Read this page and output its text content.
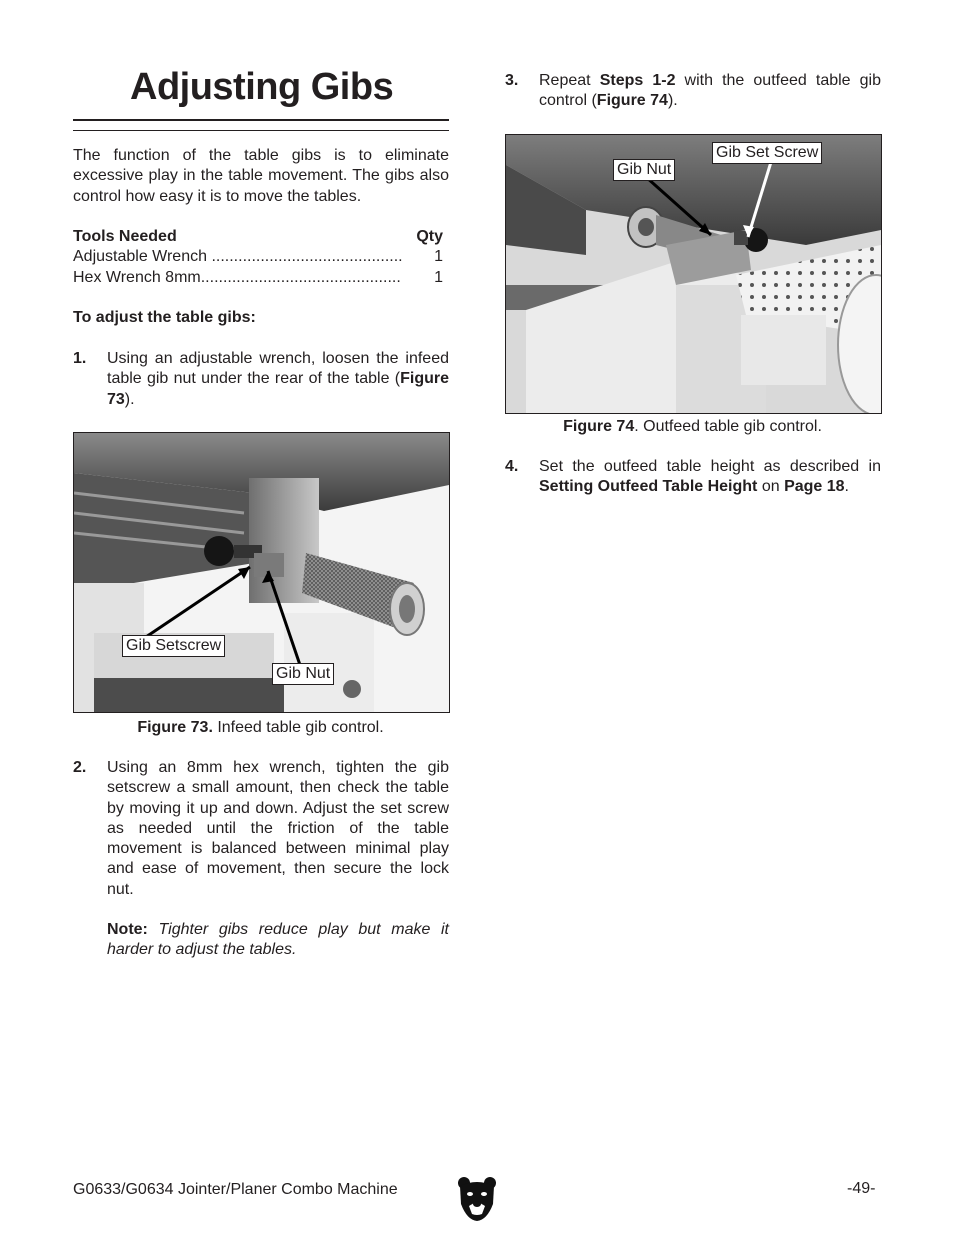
Adjusting Gibs
The function of the table gibs is to eliminate excessive play in the table movement. The gibs also control how easy it is to move the tables.
Tools Needed	Qty
Adjustable Wrench ...........................................	1
Hex Wrench 8mm.............................................	1
To adjust the table gibs:
1.	Using an adjustable wrench, loosen the infeed table gib nut under the rear of the table (Figure 73).
Gib Setscrew
Gib Nut
Figure 73. Infeed table gib control.
2.	Using an 8mm hex wrench, tighten the gib setscrew a small amount, then check the table by moving it up and down. Adjust the set screw as needed until the friction of the table movement is balanced between minimal play and ease of movement, then secure the lock nut.
Note: Tighter gibs reduce play but make it harder to adjust the tables.
3.	Repeat Steps 1-2 with the outfeed table gib control (Figure 74).
Gib Nut
Gib Set Screw
Figure 74. Outfeed table gib control.
4.	Set the outfeed table height as described in Setting Outfeed Table Height on Page 18.
G0633/G0634 Jointer/Planer Combo Machine	-49-
